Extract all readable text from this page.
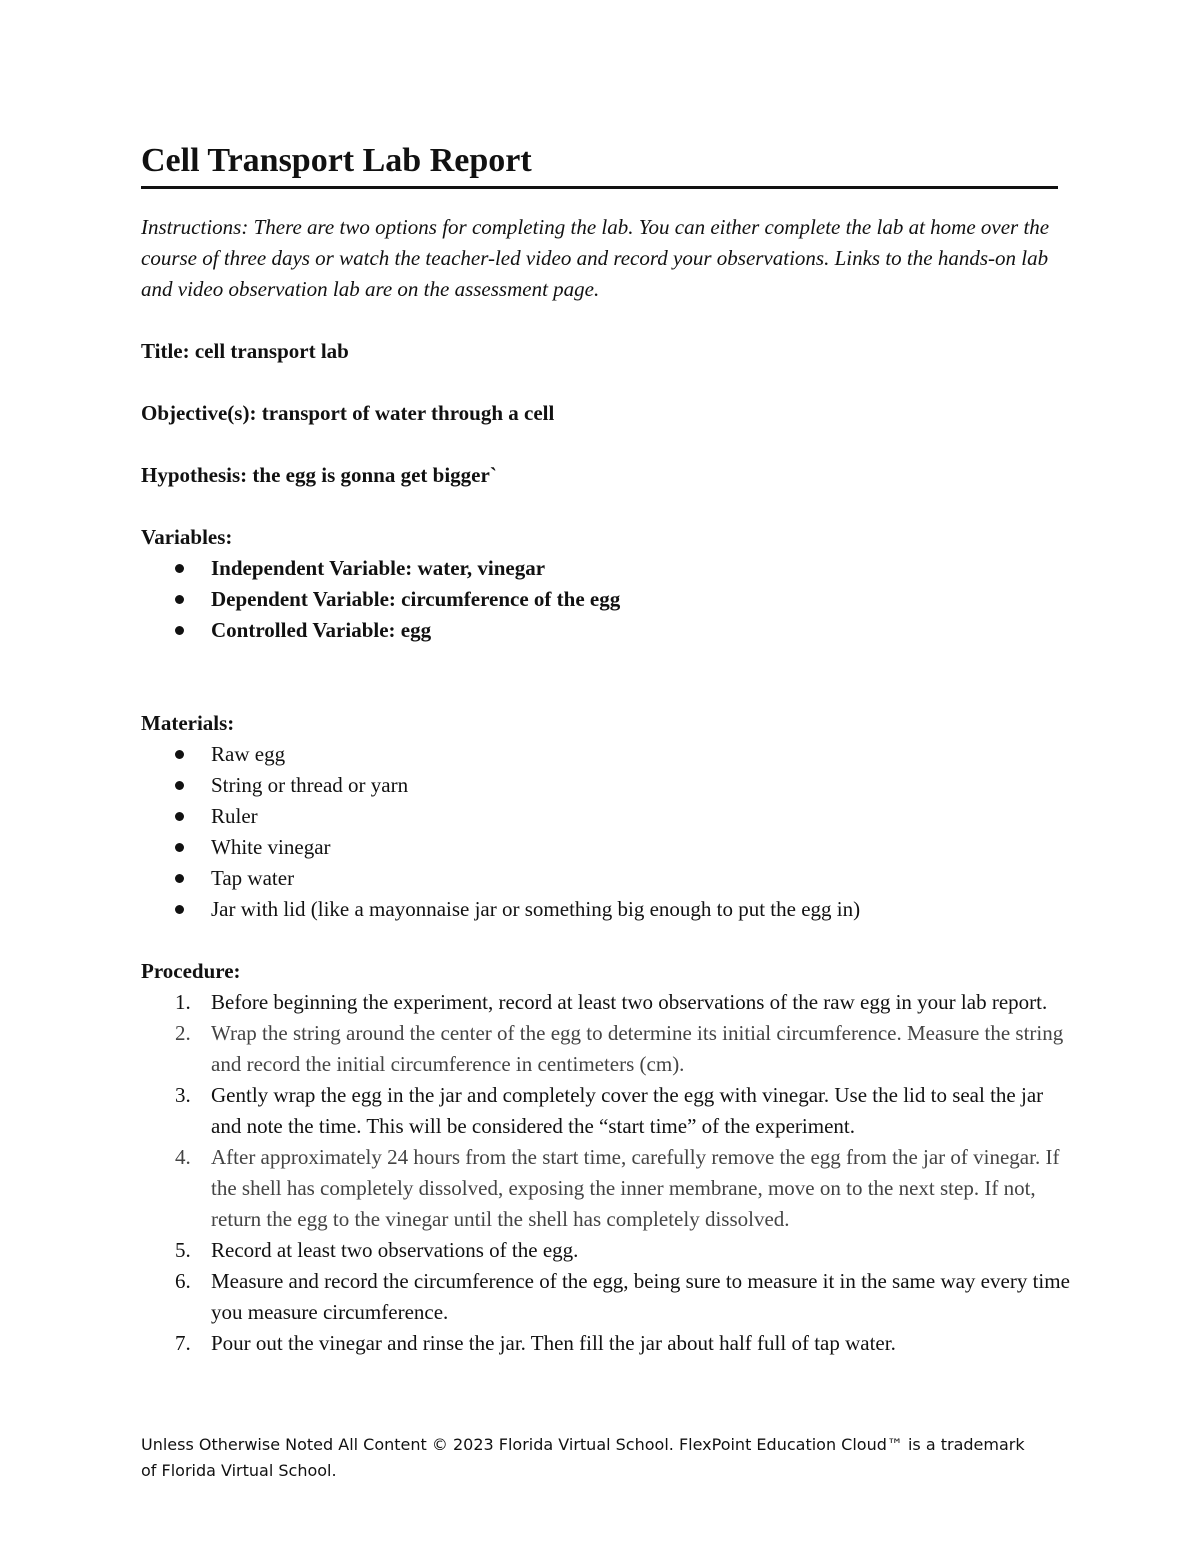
Cell Transport Lab Report

Instructions: There are two options for completing the lab. You can either complete the lab at home over the course of three days or watch the teacher-led video and record your observations. Links to the hands-on lab and video observation lab are on the assessment page.

Title: cell transport lab

Objective(s): transport of water through a cell

Hypothesis: the egg is gonna get bigger`

Variables:

Independent Variable: water, vinegar
Dependent Variable: circumference of the egg
Controlled Variable: egg

Materials:

Raw egg
String or thread or yarn
Ruler
White vinegar
Tap water
Jar with lid (like a mayonnaise jar or something big enough to put the egg in)

Procedure:

1. Before beginning the experiment, record at least two observations of the raw egg in your lab report.
2. Wrap the string around the center of the egg to determine its initial circumference. Measure the string and record the initial circumference in centimeters (cm).
3. Gently wrap the egg in the jar and completely cover the egg with vinegar. Use the lid to seal the jar and note the time. This will be considered the “start time” of the experiment.
4. After approximately 24 hours from the start time, carefully remove the egg from the jar of vinegar. If the shell has completely dissolved, exposing the inner membrane, move on to the next step. If not, return the egg to the vinegar until the shell has completely dissolved.
5. Record at least two observations of the egg.
6. Measure and record the circumference of the egg, being sure to measure it in the same way every time you measure circumference.
7. Pour out the vinegar and rinse the jar. Then fill the jar about half full of tap water.
Unless Otherwise Noted All Content © 2023 Florida Virtual School. FlexPoint Education Cloud™ is a trademark of Florida Virtual School.
